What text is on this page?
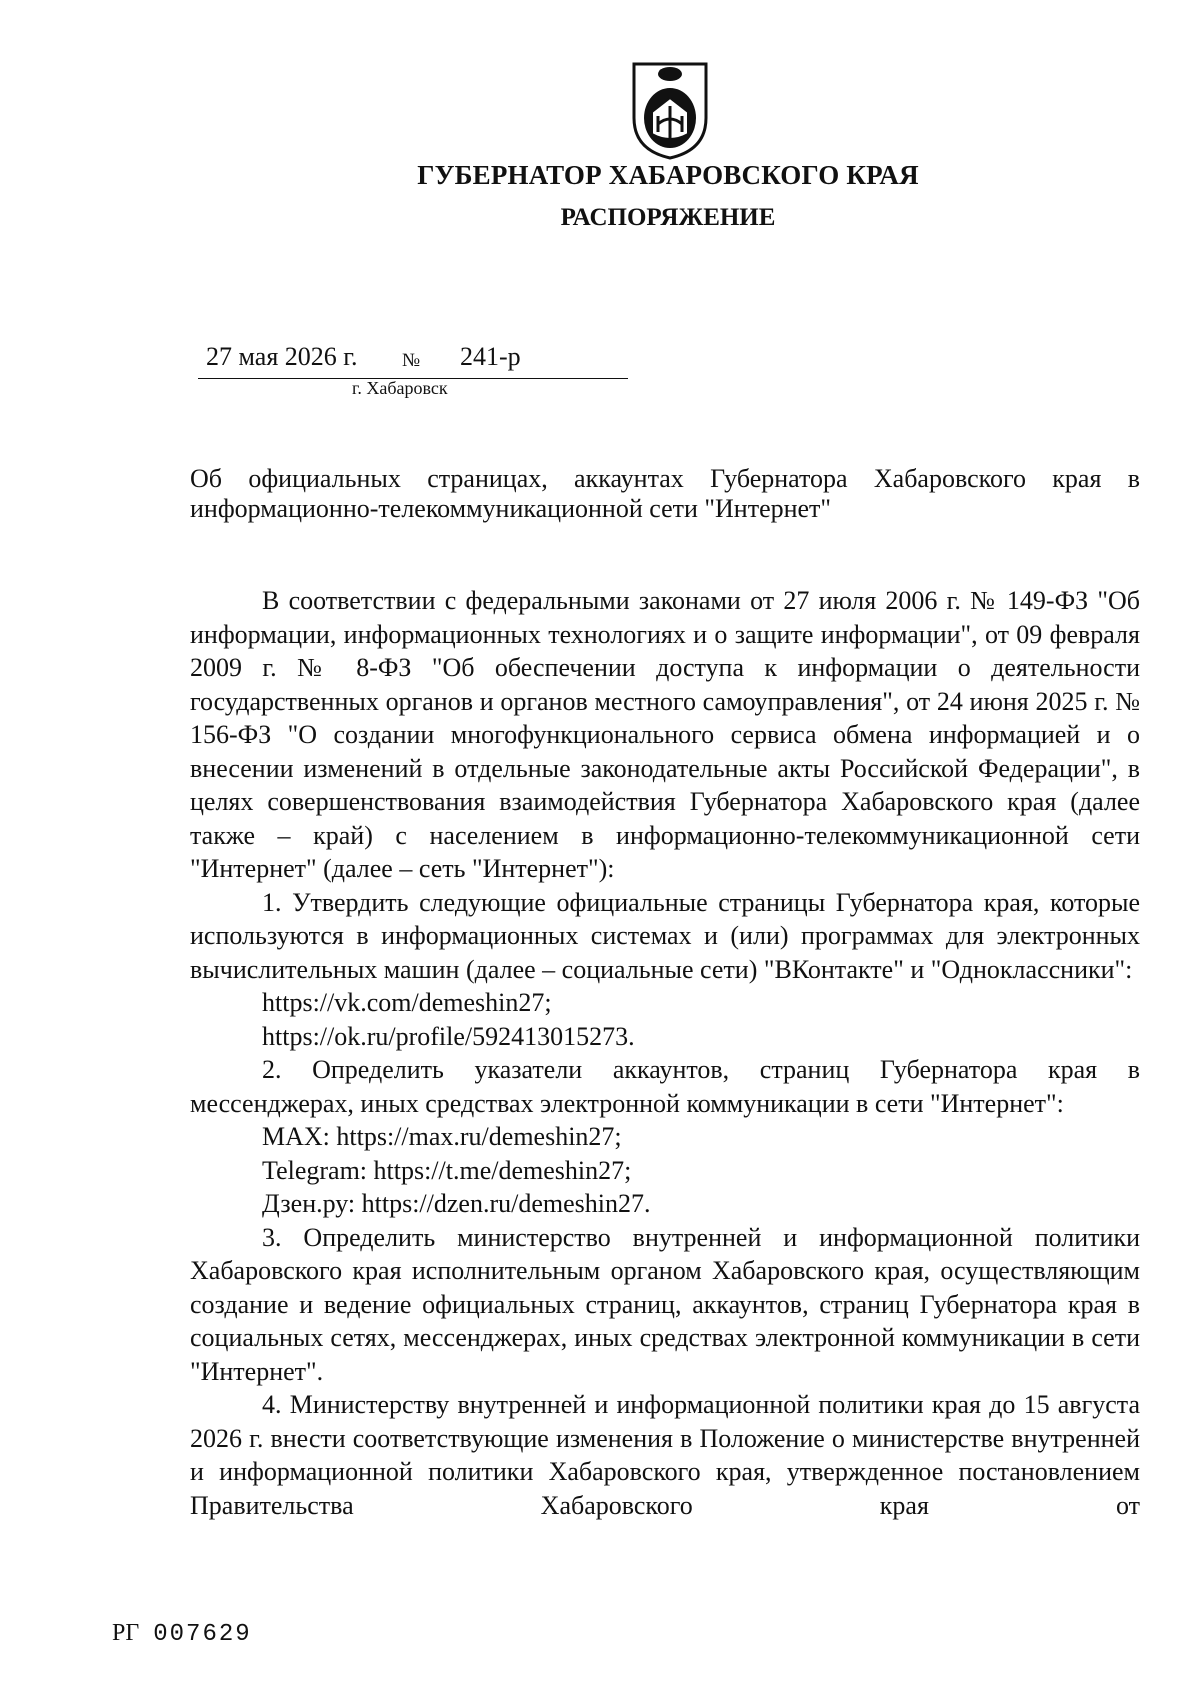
ГУБЕРНАТОР ХАБАРОВСКОГО КРАЯ
РАСПОРЯЖЕНИЕ
27 мая 2026 г. № 241-р
г. Хабаровск
Об официальных страницах, аккаунтах Губернатора Хабаровского края в информационно-телекоммуникационной сети "Интернет"

В соответствии с федеральными законами от 27 июля 2006 г. № 149-ФЗ "Об информации, информационных технологиях и о защите информации", от 09 февраля 2009 г. № 8-ФЗ "Об обеспечении доступа к информации о деятельности государственных органов и органов местного самоуправления", от 24 июня 2025 г. № 156-ФЗ "О создании многофункционального сервиса обмена информацией и о внесении изменений в отдельные законодательные акты Российской Федерации", в целях совершенствования взаимодействия Губернатора Хабаровского края (далее также – край) с населением в информационно-телекоммуникационной сети "Интернет" (далее – сеть "Интернет"):

1. Утвердить следующие официальные страницы Губернатора края, которые используются в информационных системах и (или) программах для электронных вычислительных машин (далее – социальные сети) "ВКонтакте" и "Одноклассники":

https://vk.com/demeshin27;

https://ok.ru/profile/592413015273.

2. Определить указатели аккаунтов, страниц Губернатора края в мессенджерах, иных средствах электронной коммуникации в сети "Интернет":

MAX: https://max.ru/demeshin27;

Telegram: https://t.me/demeshin27;

Дзен.ру: https://dzen.ru/demeshin27.

3. Определить министерство внутренней и информационной политики Хабаровского края исполнительным органом Хабаровского края, осуществляющим создание и ведение официальных страниц, аккаунтов, страниц Губернатора края в социальных сетях, мессенджерах, иных средствах электронной коммуникации в сети "Интернет".

4. Министерству внутренней и информационной политики края до 15 августа 2026 г. внести соответствующие изменения в Положение о министерстве внутренней и информационной политики Хабаровского края, утвержденное постановлением Правительства Хабаровского края от

РГ 007629
